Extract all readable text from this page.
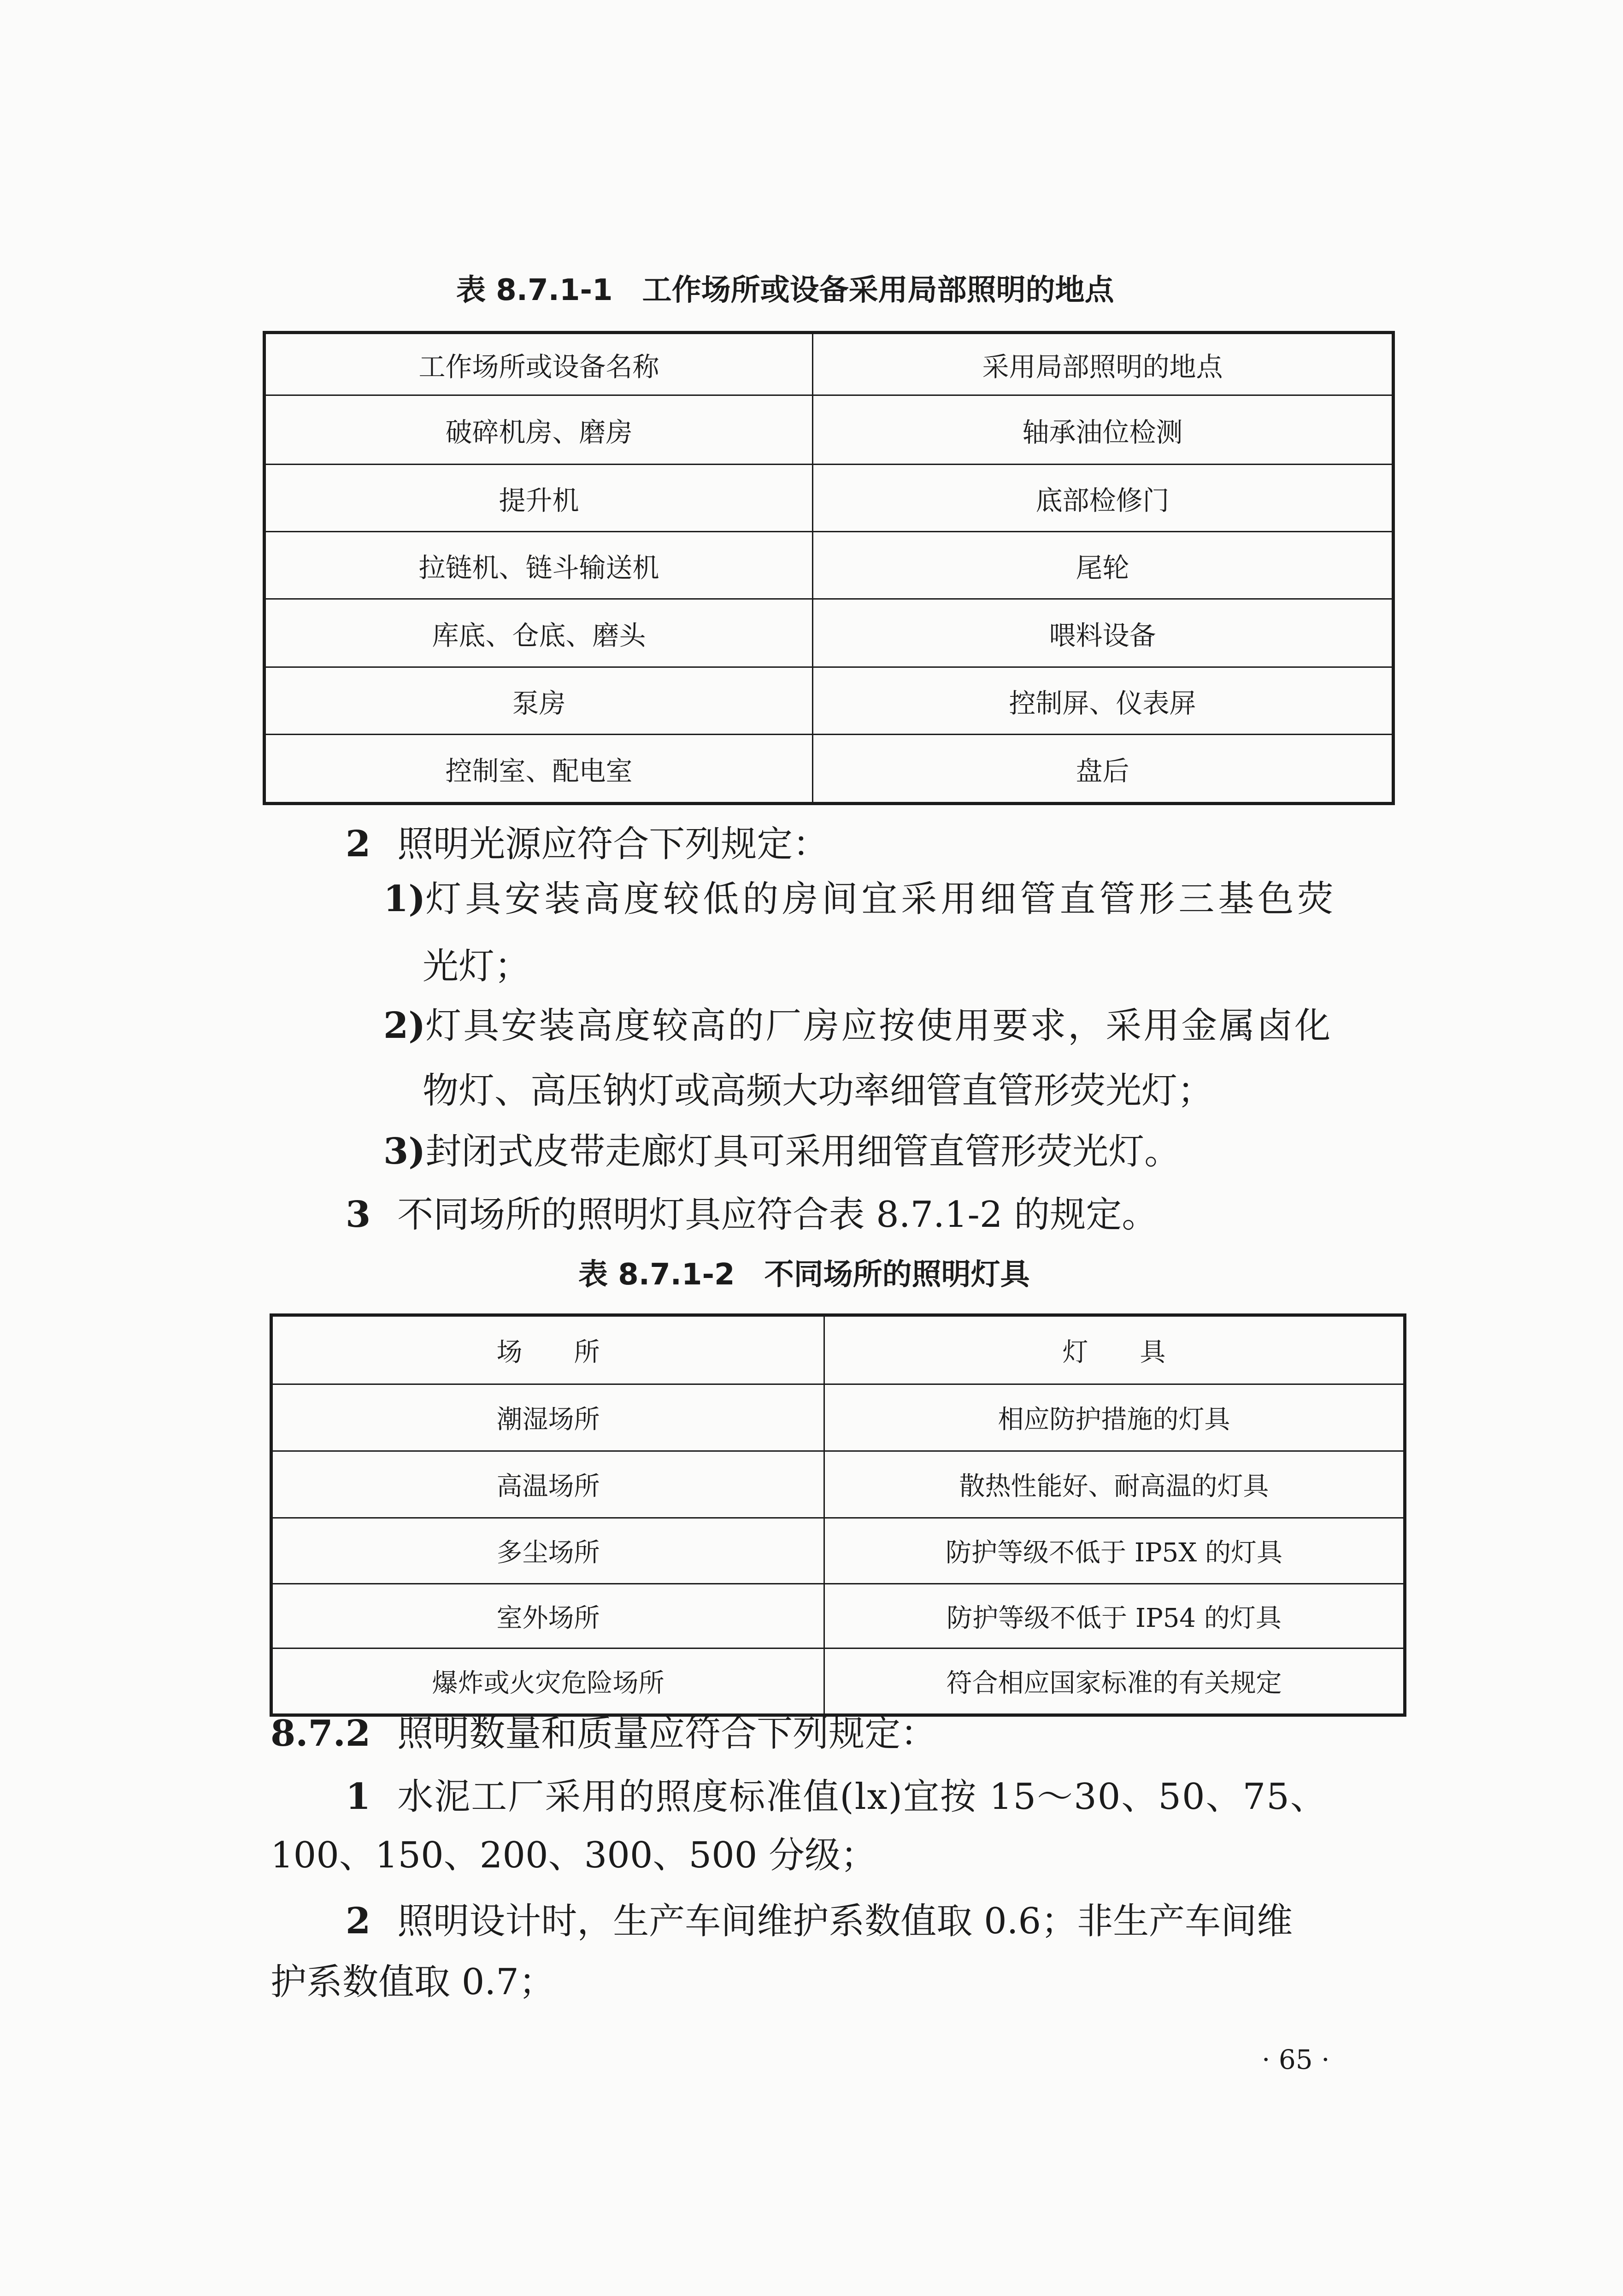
表 8.7.1-1 工作场所或设备采用局部照明的地点
工作场所或设备名称	采用局部照明的地点
破碎机房、磨房	轴承油位检测
提升机	底部检修门
拉链机、链斗输送机	尾轮
库底、仓底、磨头	喂料设备
泵房	控制屏、仪表屏
控制室、配电室	盘后
2 照明光源应符合下列规定：
1)灯具安装高度较低的房间宜采用细管直管形三基色荧
光灯；
2)灯具安装高度较高的厂房应按使用要求，采用金属卤化
物灯、高压钠灯或高频大功率细管直管形荧光灯；
3)封闭式皮带走廊灯具可采用细管直管形荧光灯。
3 不同场所的照明灯具应符合表 8.7.1-2 的规定。
表 8.7.1-2 不同场所的照明灯具
场　　所	灯　　具
潮湿场所	相应防护措施的灯具
高温场所	散热性能好、耐高温的灯具
多尘场所	防护等级不低于 IP5X 的灯具
室外场所	防护等级不低于 IP54 的灯具
爆炸或火灾危险场所	符合相应国家标准的有关规定
8.7.2 照明数量和质量应符合下列规定：
1 水泥工厂采用的照度标准值(lx)宜按 15～30、50、75、
100、150、200、300、500 分级；
2 照明设计时，生产车间维护系数值取 0.6；非生产车间维
护系数值取 0.7；
· 65 ·
